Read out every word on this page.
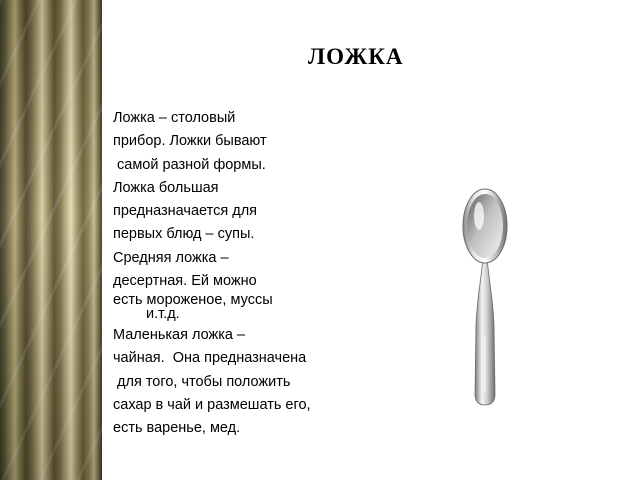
ЛОЖКА
Ложка – столовый
прибор. Ложки бывают
самой разной формы.
Ложка большая
предназначается для
первых блюд – супы.
Средняя ложка –
десертная. Ей можно
есть мороженое, муссы
и.т.д.
Маленькая ложка –
чайная.  Она предназначена
для того, чтобы положить
сахар в чай и размешать его,
есть варенье, мед.
